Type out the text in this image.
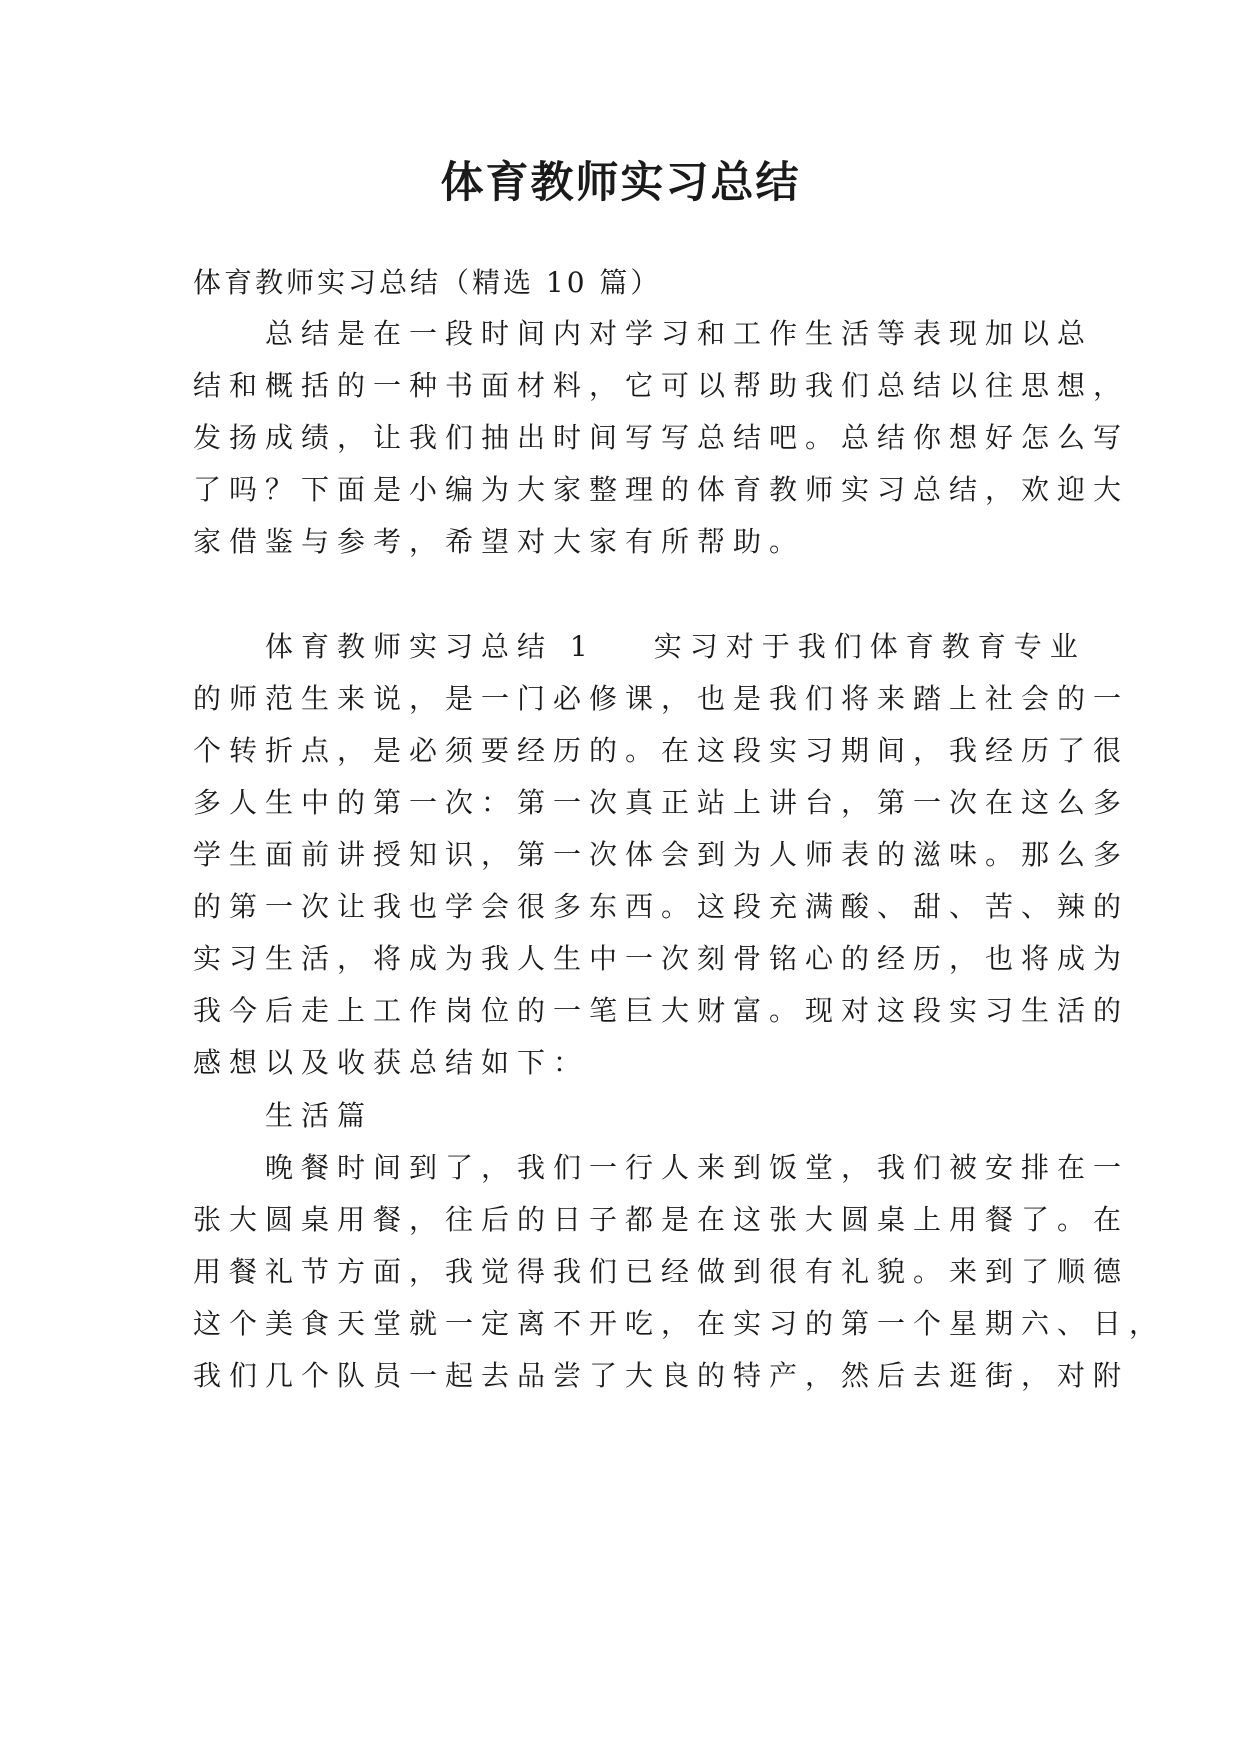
体育教师实习总结
体育教师实习总结（精选 10 篇）
　　总结是在一段时间内对学习和工作生活等表现加以总
结和概括的一种书面材料，它可以帮助我们总结以往思想，
发扬成绩，让我们抽出时间写写总结吧。总结你想好怎么写
了吗？下面是小编为大家整理的体育教师实习总结，欢迎大
家借鉴与参考，希望对大家有所帮助。
　　体育教师实习总结 1 实习对于我们体育教育专业
的师范生来说，是一门必修课，也是我们将来踏上社会的一
个转折点，是必须要经历的。在这段实习期间，我经历了很
多人生中的第一次：第一次真正站上讲台，第一次在这么多
学生面前讲授知识，第一次体会到为人师表的滋味。那么多
的第一次让我也学会很多东西。这段充满酸、甜、苦、辣的
实习生活，将成为我人生中一次刻骨铭心的经历，也将成为
我今后走上工作岗位的一笔巨大财富。现对这段实习生活的
感想以及收获总结如下：
　　生活篇
　　晚餐时间到了，我们一行人来到饭堂，我们被安排在一
张大圆桌用餐，往后的日子都是在这张大圆桌上用餐了。在
用餐礼节方面，我觉得我们已经做到很有礼貌。来到了顺德
这个美食天堂就一定离不开吃，在实习的第一个星期六、日，
我们几个队员一起去品尝了大良的特产，然后去逛街，对附
